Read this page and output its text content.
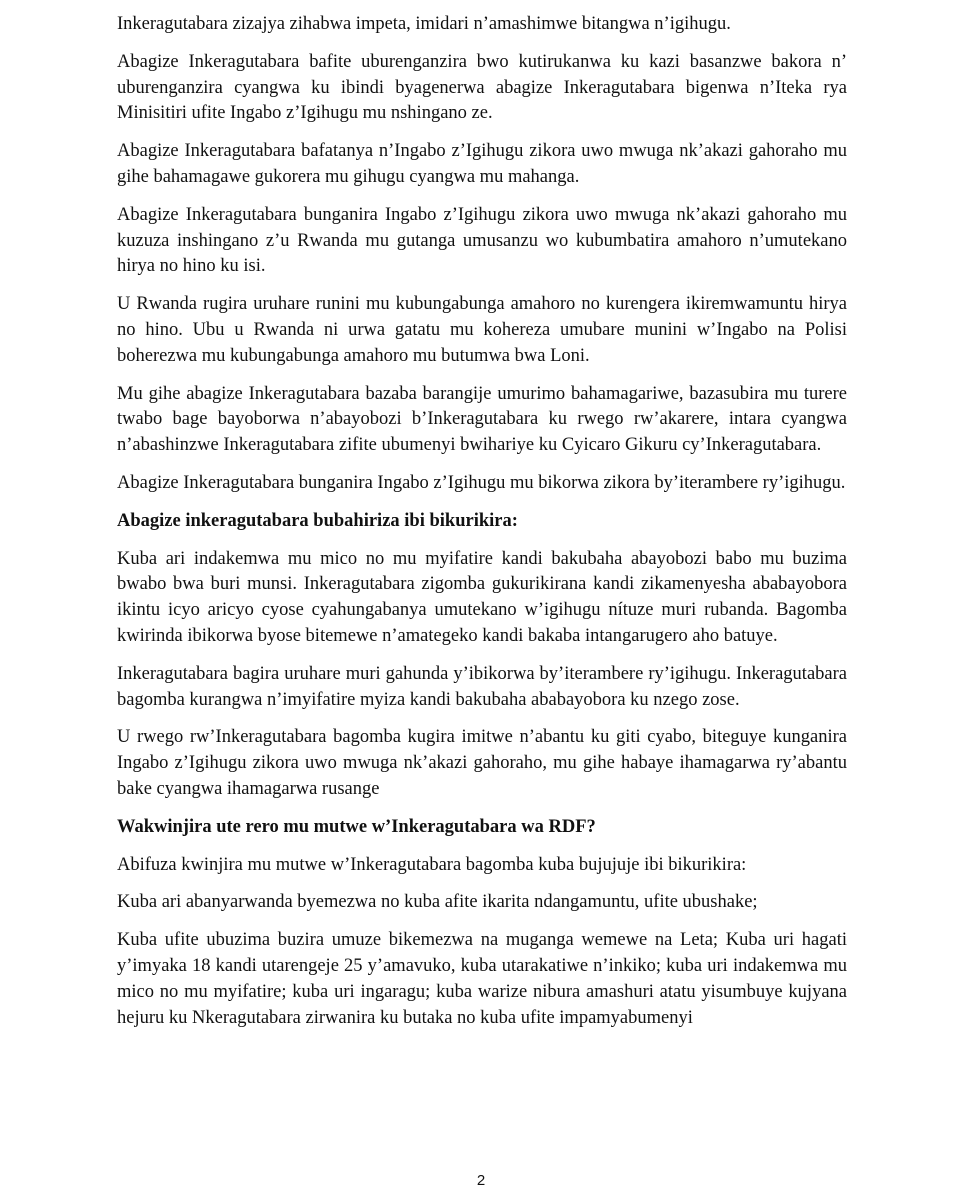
Inkeragutabara zizajya zihabwa impeta, imidari n’amashimwe bitangwa n’igihugu.

Abagize Inkeragutabara bafite uburenganzira bwo kutirukanwa ku kazi basanzwe bakora n’ uburenganzira cyangwa ku ibindi byagenerwa abagize Inkeragutabara bigenwa n’Iteka rya Minisitiri ufite Ingabo z’Igihugu mu nshingano ze.

Abagize Inkeragutabara bafatanya n’Ingabo z’Igihugu zikora uwo mwuga nk’akazi gahoraho mu gihe bahamagawe gukorera mu gihugu cyangwa mu mahanga.

Abagize Inkeragutabara bunganira Ingabo z’Igihugu zikora uwo mwuga nk’akazi gahoraho mu kuzuza inshingano z’u Rwanda mu gutanga umusanzu wo kubumbatira amahoro n’umutekano hirya no hino ku isi.

U Rwanda rugira uruhare runini mu kubungabunga amahoro no kurengera ikiremwamuntu hirya no hino. Ubu u Rwanda ni urwa gatatu mu kohereza umubare munini w’Ingabo na Polisi boherezwa mu kubungabunga amahoro mu butumwa bwa Loni.

Mu gihe abagize Inkeragutabara bazaba barangije umurimo bahamagariwe, bazasubira mu turere twabo bage bayoborwa n’abayobozi b’Inkeragutabara ku rwego rw’akarere, intara cyangwa n’abashinzwe Inkeragutabara zifite ubumenyi bwihariye ku Cyicaro Gikuru cy’Inkeragutabara.

Abagize Inkeragutabara bunganira Ingabo z’Igihugu mu bikorwa zikora by’iterambere ry’igihugu.

Abagize inkeragutabara bubahiriza ibi bikurikira:

Kuba ari indakemwa mu mico no mu myifatire kandi bakubaha abayobozi babo mu buzima bwabo bwa buri munsi. Inkeragutabara zigomba gukurikirana kandi zikamenyesha ababayobora ikintu icyo aricyo cyose cyahungabanya umutekano w’igihugu nítuze muri rubanda. Bagomba kwirinda ibikorwa byose bitemewe n’amategeko kandi bakaba intangarugero aho batuye.

Inkeragutabara bagira uruhare muri gahunda y’ibikorwa by’iterambere ry’igihugu. Inkeragutabara bagomba kurangwa n’imyifatire myiza kandi bakubaha ababayobora ku nzego zose.

U rwego rw’Inkeragutabara bagomba kugira imitwe n’abantu ku giti cyabo, biteguye kunganira Ingabo z’Igihugu zikora uwo mwuga nk’akazi gahoraho, mu gihe habaye ihamagarwa ry’abantu bake cyangwa ihamagarwa rusange

Wakwinjira ute rero mu mutwe w’Inkeragutabara wa RDF?

Abifuza kwinjira mu mutwe w’Inkeragutabara bagomba kuba bujujuje ibi bikurikira:

Kuba ari abanyarwanda byemezwa no kuba afite ikarita ndangamuntu, ufite ubushake;

Kuba ufite ubuzima buzira umuze bikemezwa na muganga wemewe na Leta; Kuba uri hagati y’imyaka 18 kandi utarengeje 25 y’amavuko, kuba utarakatiwe n’inkiko; kuba uri indakemwa mu mico no mu myifatire; kuba uri ingaragu; kuba warize nibura amashuri atatu yisumbuye kujyana hejuru ku Nkeragutabara zirwanira ku butaka no kuba ufite impamyabumenyi

2
